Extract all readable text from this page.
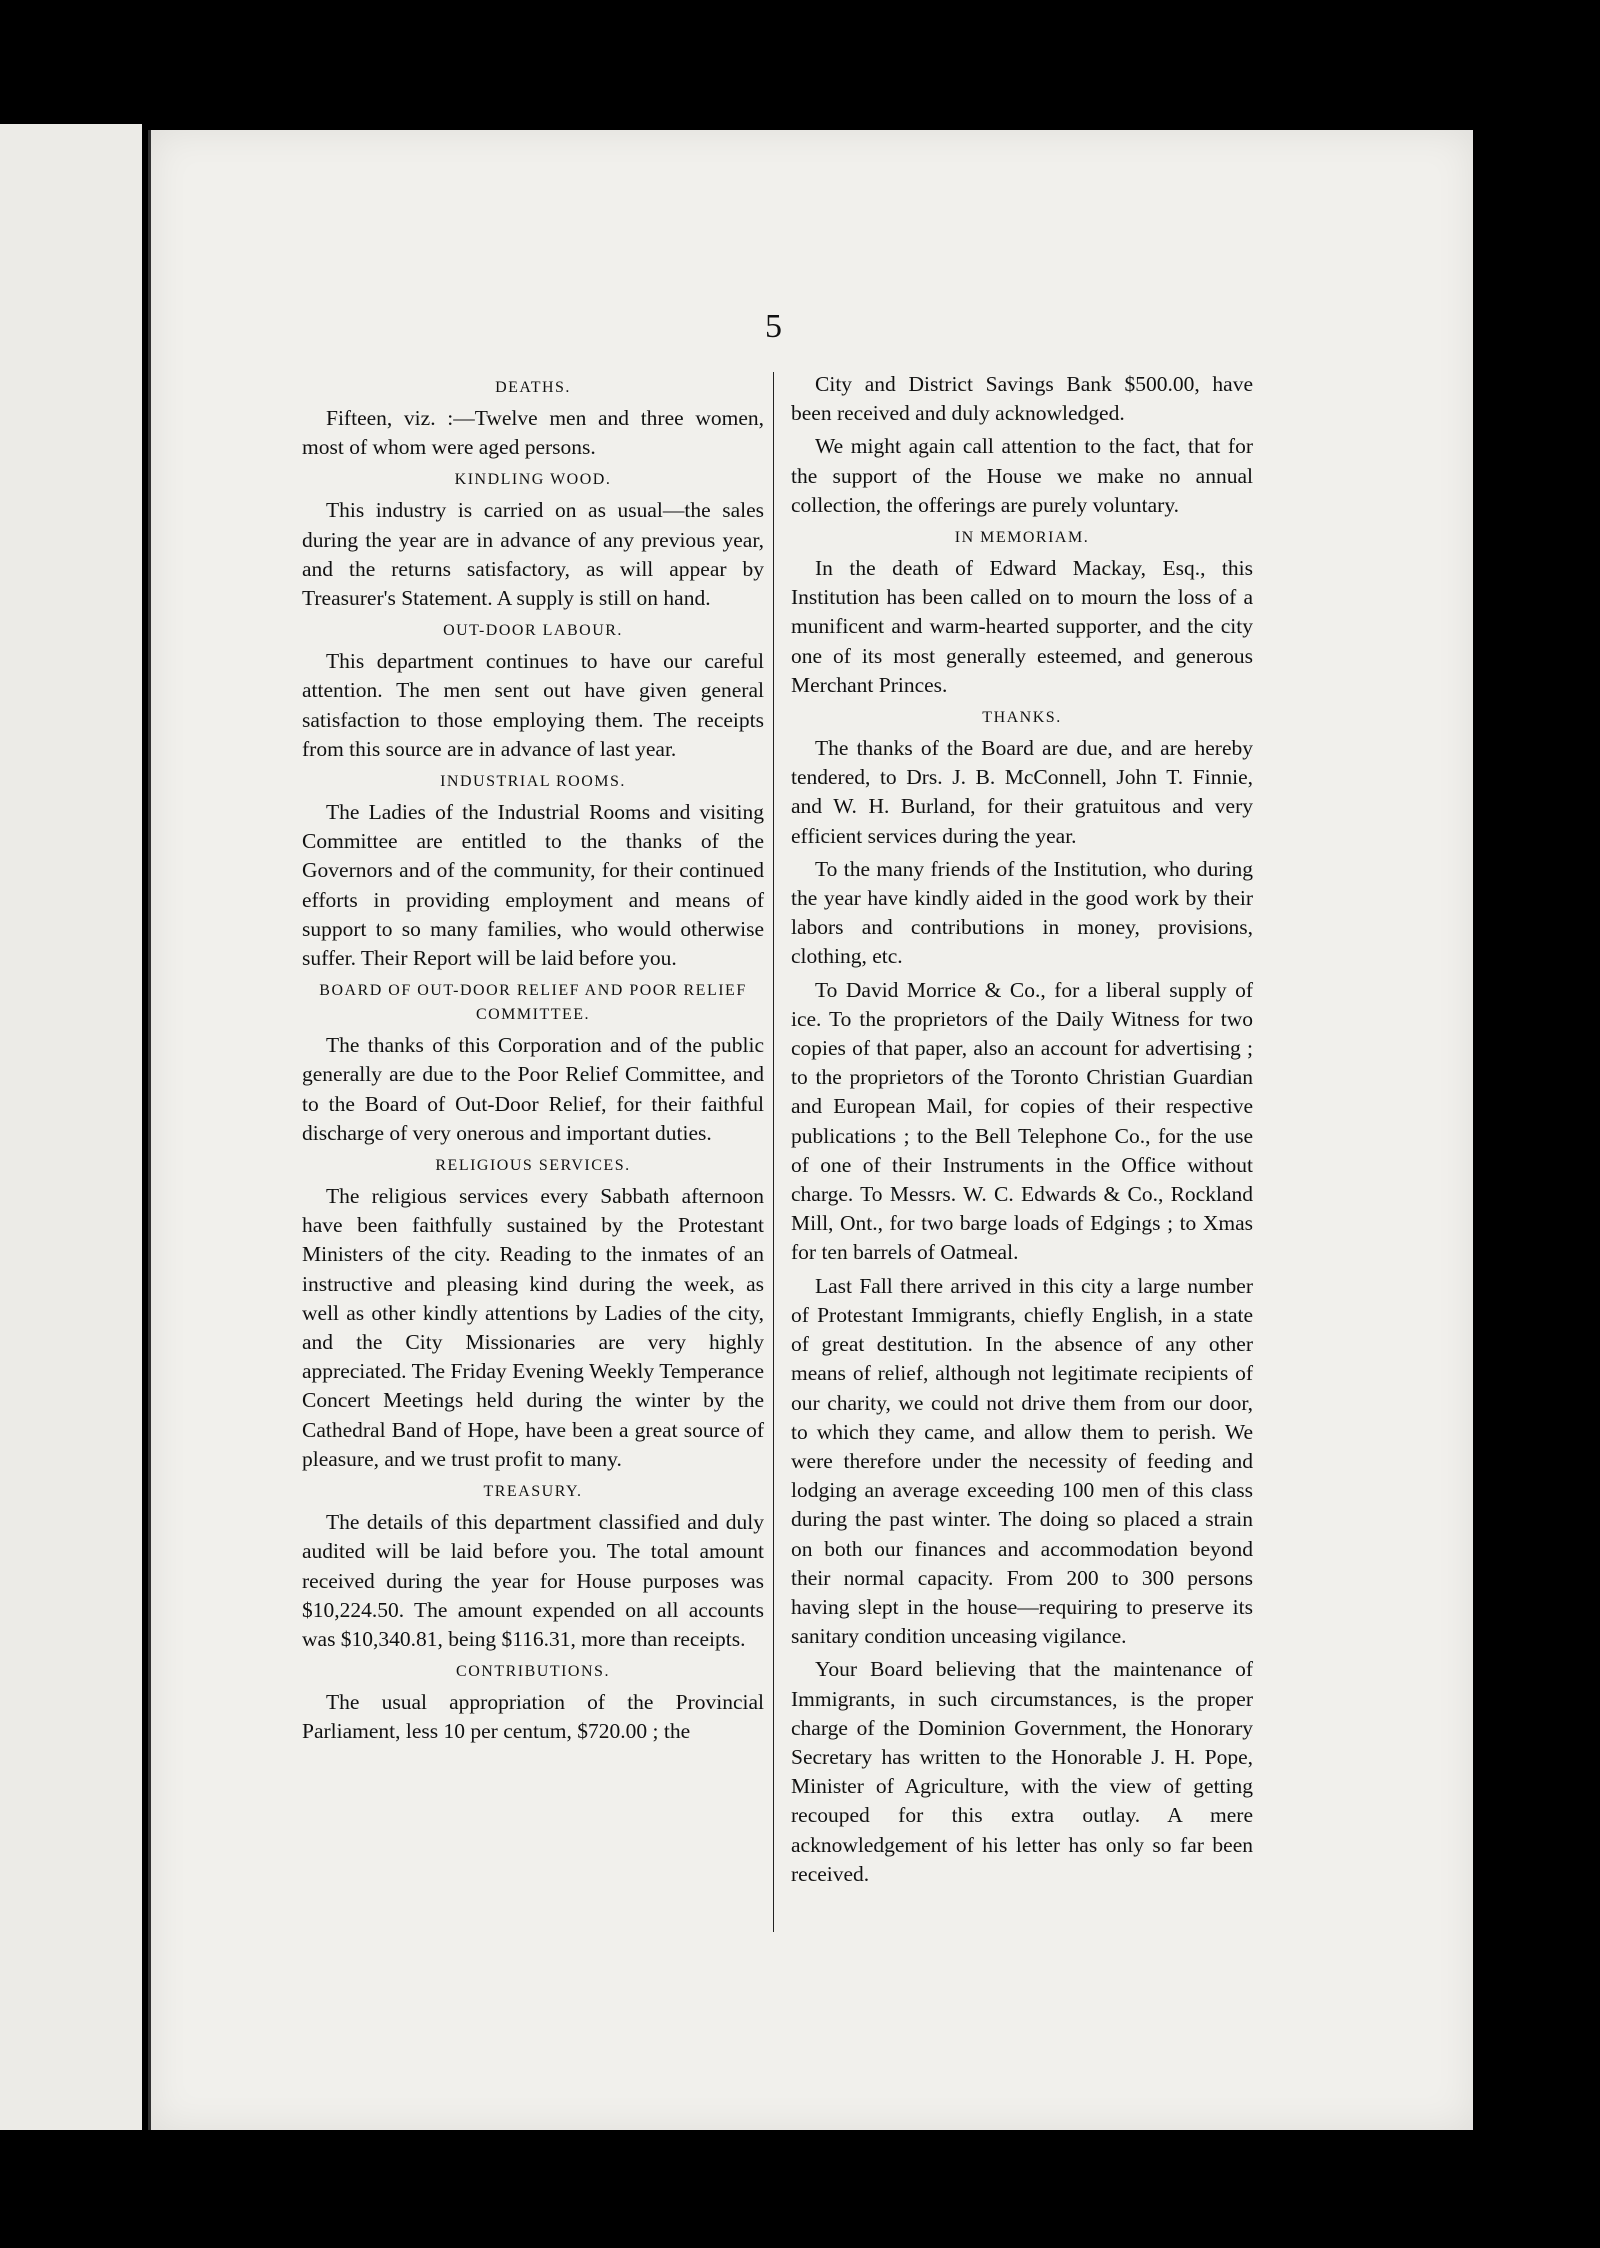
5
DEATHS.

Fifteen, viz. :—Twelve men and three women, most of whom were aged persons.

KINDLING WOOD.

This industry is carried on as usual—the sales during the year are in advance of any previous year, and the returns satisfactory, as will appear by Treasurer's Statement. A supply is still on hand.

OUT-DOOR LABOUR.

This department continues to have our careful attention. The men sent out have given general satisfaction to those employing them. The receipts from this source are in advance of last year.

INDUSTRIAL ROOMS.

The Ladies of the Industrial Rooms and visiting Committee are entitled to the thanks of the Governors and of the community, for their continued efforts in providing employment and means of support to so many families, who would otherwise suffer. Their Report will be laid before you.

BOARD OF OUT-DOOR RELIEF AND POOR RELIEF COMMITTEE.

The thanks of this Corporation and of the public generally are due to the Poor Relief Committee, and to the Board of Out-Door Relief, for their faithful discharge of very onerous and important duties.

RELIGIOUS SERVICES.

The religious services every Sabbath afternoon have been faithfully sustained by the Protestant Ministers of the city. Reading to the inmates of an instructive and pleasing kind during the week, as well as other kindly attentions by Ladies of the city, and the City Missionaries are very highly appreciated. The Friday Evening Weekly Temperance Concert Meetings held during the winter by the Cathedral Band of Hope, have been a great source of pleasure, and we trust profit to many.

TREASURY.

The details of this department classified and duly audited will be laid before you. The total amount received during the year for House purposes was $10,224.50. The amount expended on all accounts was $10,340.81, being $116.31, more than receipts.

CONTRIBUTIONS.

The usual appropriation of the Provincial Parliament, less 10 per centum, $720.00 ; the

City and District Savings Bank $500.00, have been received and duly acknowledged.

We might again call attention to the fact, that for the support of the House we make no annual collection, the offerings are purely voluntary.

IN MEMORIAM.

In the death of Edward Mackay, Esq., this Institution has been called on to mourn the loss of a munificent and warm-hearted supporter, and the city one of its most generally esteemed, and generous Merchant Princes.

THANKS.

The thanks of the Board are due, and are hereby tendered, to Drs. J. B. McConnell, John T. Finnie, and W. H. Burland, for their gratuitous and very efficient services during the year.

To the many friends of the Institution, who during the year have kindly aided in the good work by their labors and contributions in money, provisions, clothing, etc.

To David Morrice & Co., for a liberal supply of ice. To the proprietors of the Daily Witness for two copies of that paper, also an account for advertising ; to the proprietors of the Toronto Christian Guardian and European Mail, for copies of their respective publications ; to the Bell Telephone Co., for the use of one of their Instruments in the Office without charge. To Messrs. W. C. Edwards & Co., Rockland Mill, Ont., for two barge loads of Edgings ; to Xmas for ten barrels of Oatmeal.

Last Fall there arrived in this city a large number of Protestant Immigrants, chiefly English, in a state of great destitution. In the absence of any other means of relief, although not legitimate recipients of our charity, we could not drive them from our door, to which they came, and allow them to perish. We were therefore under the necessity of feeding and lodging an average exceeding 100 men of this class during the past winter. The doing so placed a strain on both our finances and accommodation beyond their normal capacity. From 200 to 300 persons having slept in the house—requiring to preserve its sanitary condition unceasing vigilance.

Your Board believing that the maintenance of Immigrants, in such circumstances, is the proper charge of the Dominion Government, the Honorary Secretary has written to the Honorable J. H. Pope, Minister of Agriculture, with the view of getting recouped for this extra outlay. A mere acknowledgement of his letter has only so far been received.
